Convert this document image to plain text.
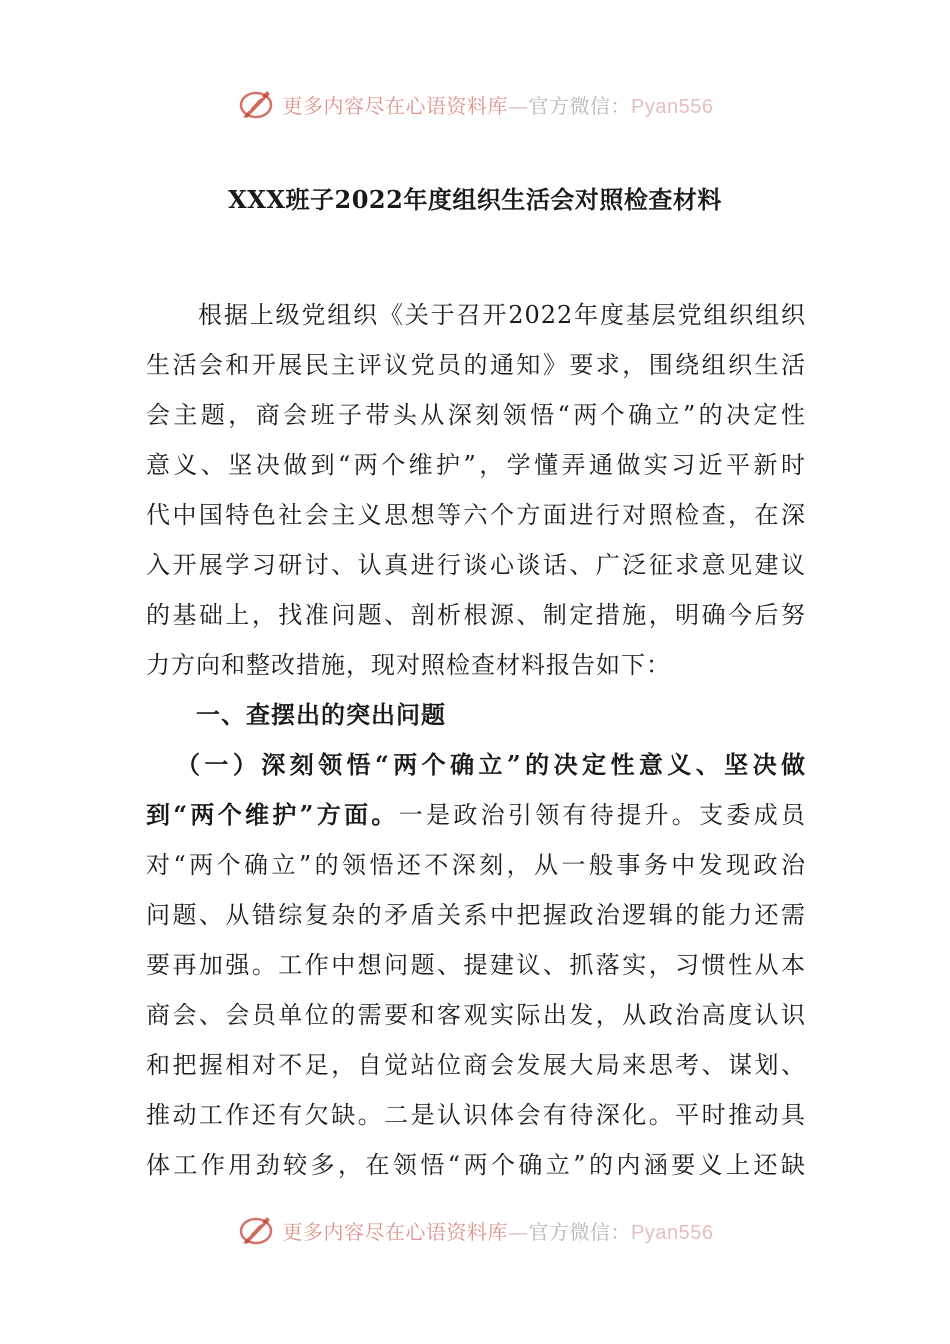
更多内容尽在心语资料库—官方微信：Pyan556
XXX班子2022年度组织生活会对照检查材料
根据上级党组织《关于召开2022年度基层党组织组织
生活会和开展民主评议党员的通知》要求，围绕组织生活
会主题，商会班子带头从深刻领悟“两个确立”的决定性
意义、坚决做到“两个维护”，学懂弄通做实习近平新时
代中国特色社会主义思想等六个方面进行对照检查，在深
入开展学习研讨、认真进行谈心谈话、广泛征求意见建议
的基础上，找准问题、剖析根源、制定措施，明确今后努
力方向和整改措施，现对照检查材料报告如下：
一、查摆出的突出问题
（一）深刻领悟“两个确立”的决定性意义、坚决做
到“两个维护”方面。一是政治引领有待提升。支委成员
对“两个确立”的领悟还不深刻，从一般事务中发现政治
问题、从错综复杂的矛盾关系中把握政治逻辑的能力还需
要再加强。工作中想问题、提建议、抓落实，习惯性从本
商会、会员单位的需要和客观实际出发，从政治高度认识
和把握相对不足，自觉站位商会发展大局来思考、谋划、
推动工作还有欠缺。二是认识体会有待深化。平时推动具
体工作用劲较多，在领悟“两个确立”的内涵要义上还缺
更多内容尽在心语资料库—官方微信：Pyan556
